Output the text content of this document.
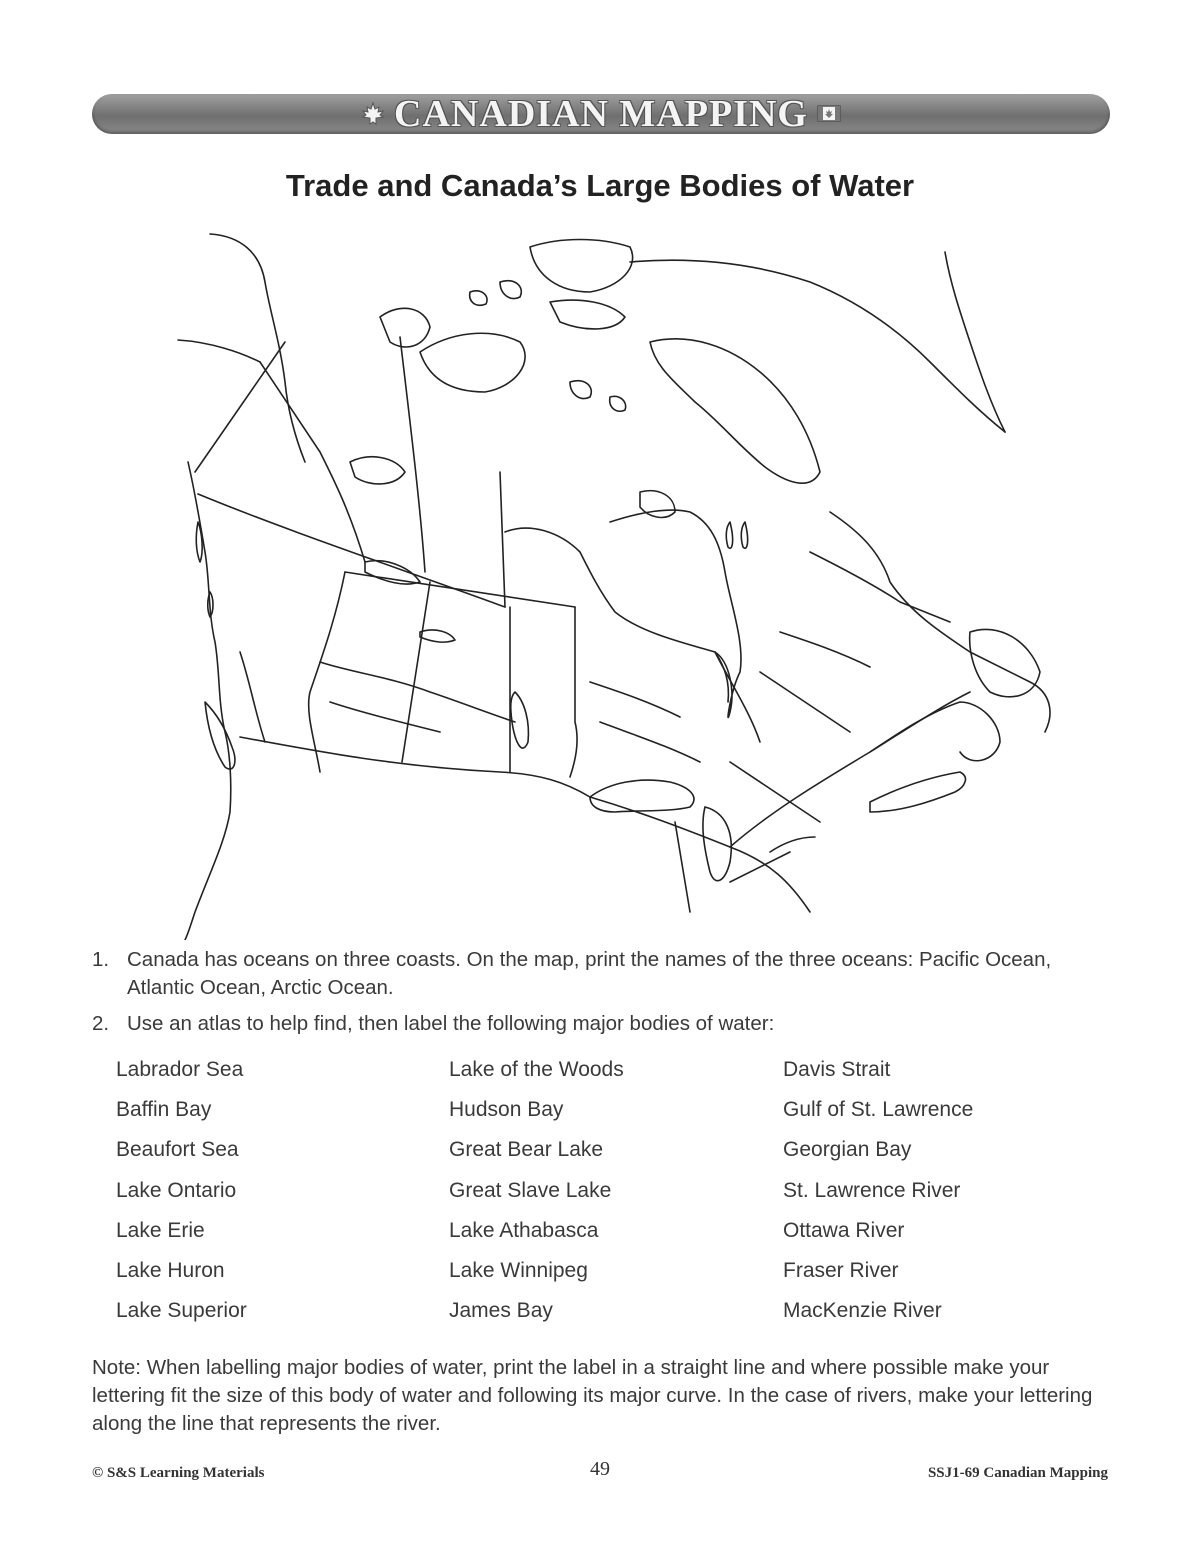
CANADIAN MAPPING
Trade and Canada’s Large Bodies of Water
1. Canada has oceans on three coasts. On the map, print the names of the three oceans: Pacific Ocean, Atlantic Ocean, Arctic Ocean.
2. Use an atlas to help find, then label the following major bodies of water:
Labrador Sea
Baffin Bay
Beaufort Sea
Lake Ontario
Lake Erie
Lake Huron
Lake Superior
Lake of the Woods
Hudson Bay
Great Bear Lake
Great Slave Lake
Lake Athabasca
Lake Winnipeg
James Bay
Davis Strait
Gulf of St. Lawrence
Georgian Bay
St. Lawrence River
Ottawa River
Fraser River
MacKenzie River
Note: When labelling major bodies of water, print the label in a straight line and where possible make your lettering fit the size of this body of water and following its major curve. In the case of rivers, make your lettering along the line that represents the river.
© S&S Learning Materials	49	SSJ1-69 Canadian Mapping
